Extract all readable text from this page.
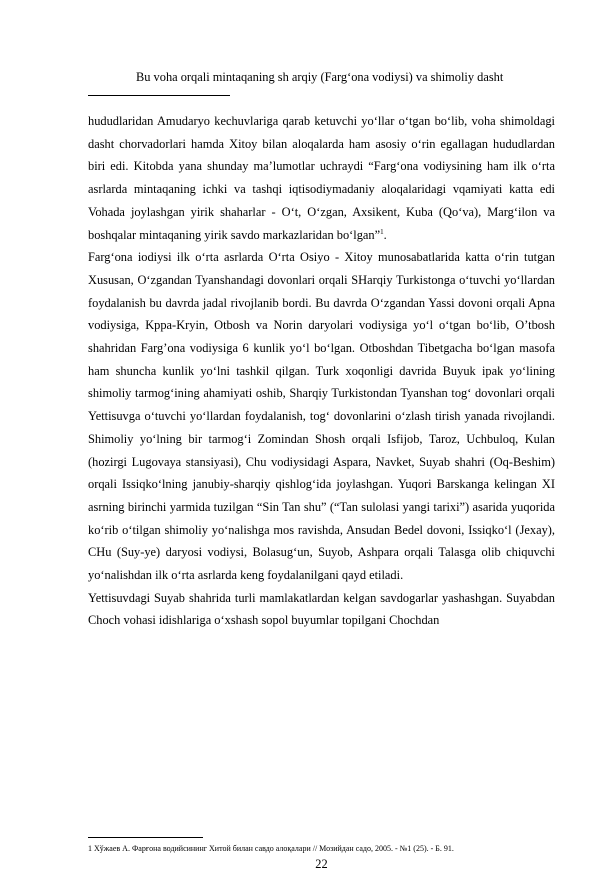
Bu voha orqali mintaqaning sh arqiy (Farg‘ona vodiysi) va shimoliy dasht

hududlaridan Amudaryo kechuvlariga qarab ketuvchi yo‘llar o‘tgan bo‘lib, voha shimoldagi dasht chorvadorlari hamda Xitoy bilan aloqalarda ham asosiy o‘rin egallagan hududlardan biri edi. Kitobda yana shunday ma’lumotlar uchraydi “Farg‘ona vodiysining ham ilk o‘rta asrlarda mintaqaning ichki va tashqi iqtisodiymadaniy aloqalaridagi vqamiyati katta edi Vohada joylashgan yirik shaharlar - O‘t, O‘zgan, Axsikent, Kuba (Qo‘va), Marg‘ilon va boshqalar mintaqaning yirik savdo markazlaridan bo‘lgan”$^1$.

Farg‘ona iodiysi ilk o‘rta asrlarda O‘rta Osiyo - Xitoy munosabatlarida katta o‘rin tutgan Xususan, O‘zgandan Tyanshandagi dovonlari orqali SHarqiy Turkistonga o‘tuvchi yo‘llardan foydalanish bu davrda jadal rivojlanib bordi. Bu davrda O‘zgandan Yassi dovoni orqali Apna vodiysiga, Kppa-Kryin, Otbosh va Norin daryolari vodiysiga yo‘l o‘tgan bo‘lib, O’tbosh shahridan Farg’ona vodiysiga 6 kunlik yo‘l bo‘lgan. Otboshdan Tibetgacha bo‘lgan masofa ham shuncha kunlik yo‘lni tashkil qilgan. Turk xoqonligi davrida Buyuk ipak yo‘lining shimoliy tarmog‘ining ahamiyati oshib, Sharqiy Turkistondan Tyanshan tog‘ dovonlari orqali Yettisuvga o‘tuvchi yo‘llardan foydalanish, tog‘ dovonlarini o‘zlash tirish yanada rivojlandi. Shimoliy yo‘lning bir tarmog‘i Zomindan Shosh orqali Isfijob, Taroz, Uchbuloq, Kulan (hozirgi Lugovaya stansiyasi), Chu vodiysidagi Aspara, Navket, Suyab shahri (Oq-Beshim) orqali Issiqko‘lning janubiy-sharqiy qishlog‘ida joylashgan. Yuqori Barskanga kelingan XI asrning birinchi yarmida tuzilgan “Sin Tan shu” (“Tan sulolasi yangi tarixi”) asarida yuqorida ko‘rib o‘tilgan shimoliy yo‘nalishga mos ravishda, Ansudan Bedel dovoni, Issiqko‘l (Jexay), CHu (Suy-ye) daryosi vodiysi, Bolasug‘un, Suyob, Ashpara orqali Talasga olib chiquvchi yo‘nalishdan ilk o‘rta asrlarda keng foydalanilgani qayd etiladi.

Yettisuvdagi Suyab shahrida turli mamlakatlardan kelgan savdogarlar yashashgan. Suyabdan Choch vohasi idishlariga o‘xshash sopol buyumlar topilgani Chochdan

1 Хўжаев А. Фарғона водийсининг Хитой билан савдо алоқалари // Мозийдан садо, 2005. - №1 (25). - Б. 91.
22
